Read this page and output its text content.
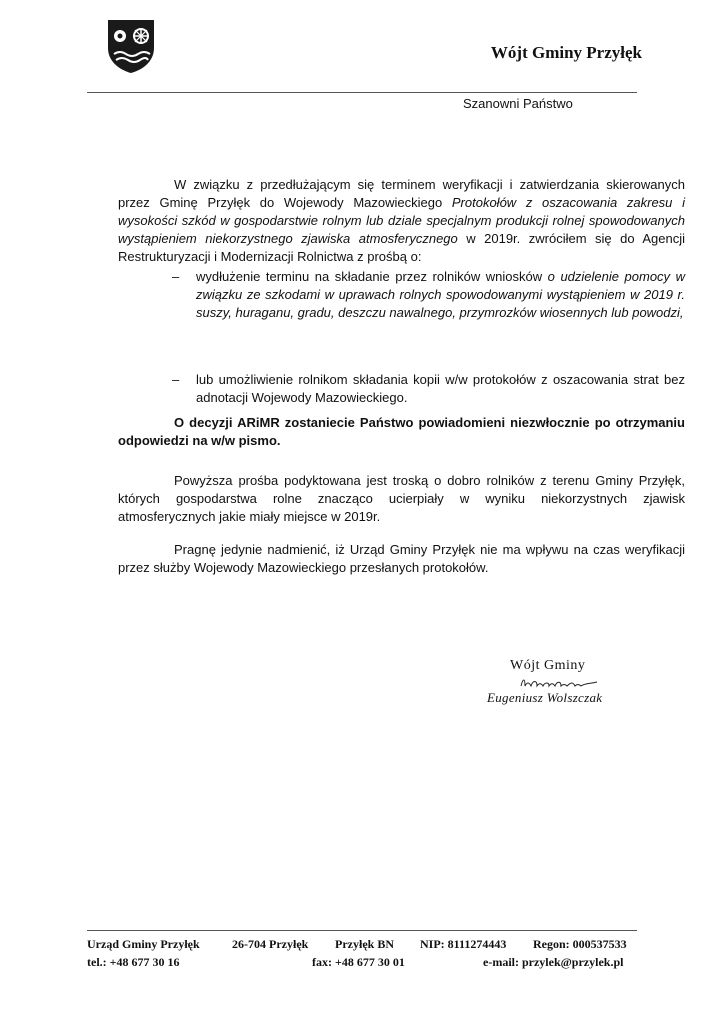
Wójt Gminy Przyłęk
Szanowni Państwo
W związku z przedłużającym się terminem weryfikacji i zatwierdzania skierowanych przez Gminę Przyłęk do Wojewody Mazowieckiego Protokołów z oszacowania zakresu i wysokości szkód w gospodarstwie rolnym lub dziale specjalnym produkcji rolnej spowodowanych wystąpieniem niekorzystnego zjawiska atmosferycznego w 2019r. zwróciłem się do Agencji Restrukturyzacji i Modernizacji Rolnictwa z prośbą o:
– wydłużenie terminu na składanie przez rolników wniosków o udzielenie pomocy w związku ze szkodami w uprawach rolnych spowodowanymi wystąpieniem w 2019 r. suszy, huraganu, gradu, deszczu nawalnego, przymrozków wiosennych lub powodzi,
– lub umożliwienie rolnikom składania kopii w/w protokołów z oszacowania strat bez adnotacji Wojewody Mazowieckiego.
O decyzji ARiMR zostaniecie Państwo powiadomieni niezwłocznie po otrzymaniu odpowiedzi na w/w pismo.
Powyższa prośba podyktowana jest troską o dobro rolników z terenu Gminy Przyłęk, których gospodarstwa rolne znacząco ucierpiały w wyniku niekorzystnych zjawisk atmosferycznych jakie miały miejsce w 2019r.
Pragnę jedynie nadmienić, iż Urząd Gminy Przyłęk nie ma wpływu na czas weryfikacji przez służby Wojewody Mazowieckiego przesłanych protokołów.
Wójt Gminy
Eugeniusz Wolszczak
Urząd Gminy Przyłęk	26-704 Przyłęk Przyłęk BN NIP: 8111274443 Regon: 000537533
tel.: +48 677 30 16	fax: +48 677 30 01	e-mail: przylek@przylek.pl
